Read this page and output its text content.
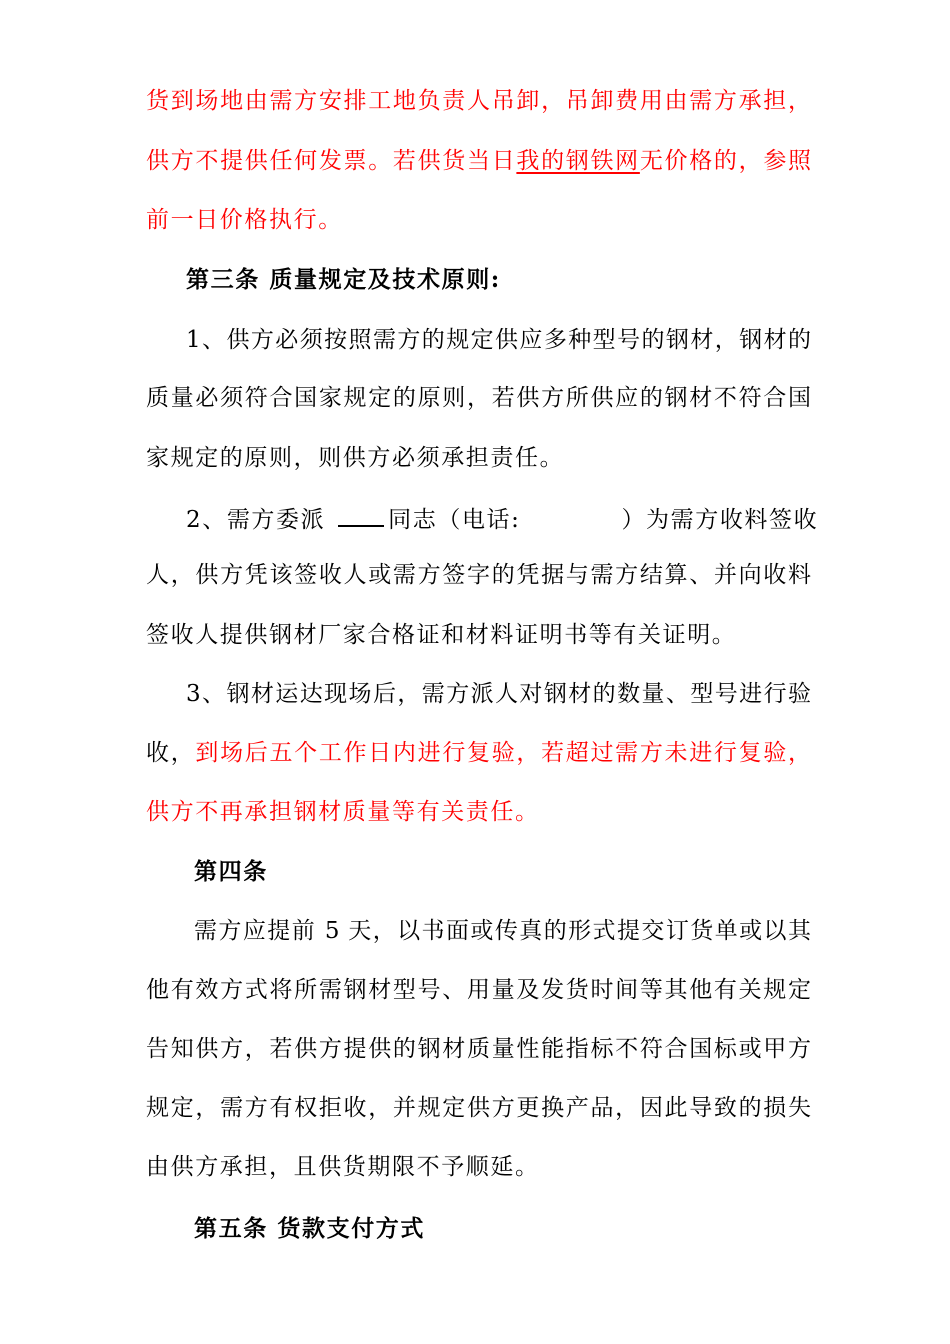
货到场地由需方安排工地负责人吊卸，吊卸费用由需方承担，
供方不提供任何发票。若供货当日我的钢铁网无价格的，参照
前一日价格执行。
第三条 质量规定及技术原则:
1、供方必须按照需方的规定供应多种型号的钢材，钢材的
质量必须符合国家规定的原则，若供方所供应的钢材不符合国
家规定的原则，则供方必须承担责任。
2、需方委派	同志（电话:	）为需方收料签收
人，供方凭该签收人或需方签字的凭据与需方结算、并向收料
签收人提供钢材厂家合格证和材料证明书等有关证明。
3、钢材运达现场后，需方派人对钢材的数量、型号进行验
收，到场后五个工作日内进行复验，若超过需方未进行复验，
供方不再承担钢材质量等有关责任。
第四条
需方应提前 5 天，以书面或传真的形式提交订货单或以其
他有效方式将所需钢材型号、用量及发货时间等其他有关规定
告知供方，若供方提供的钢材质量性能指标不符合国标或甲方
规定，需方有权拒收，并规定供方更换产品，因此导致的损失
由供方承担，且供货期限不予顺延。
第五条 货款支付方式
